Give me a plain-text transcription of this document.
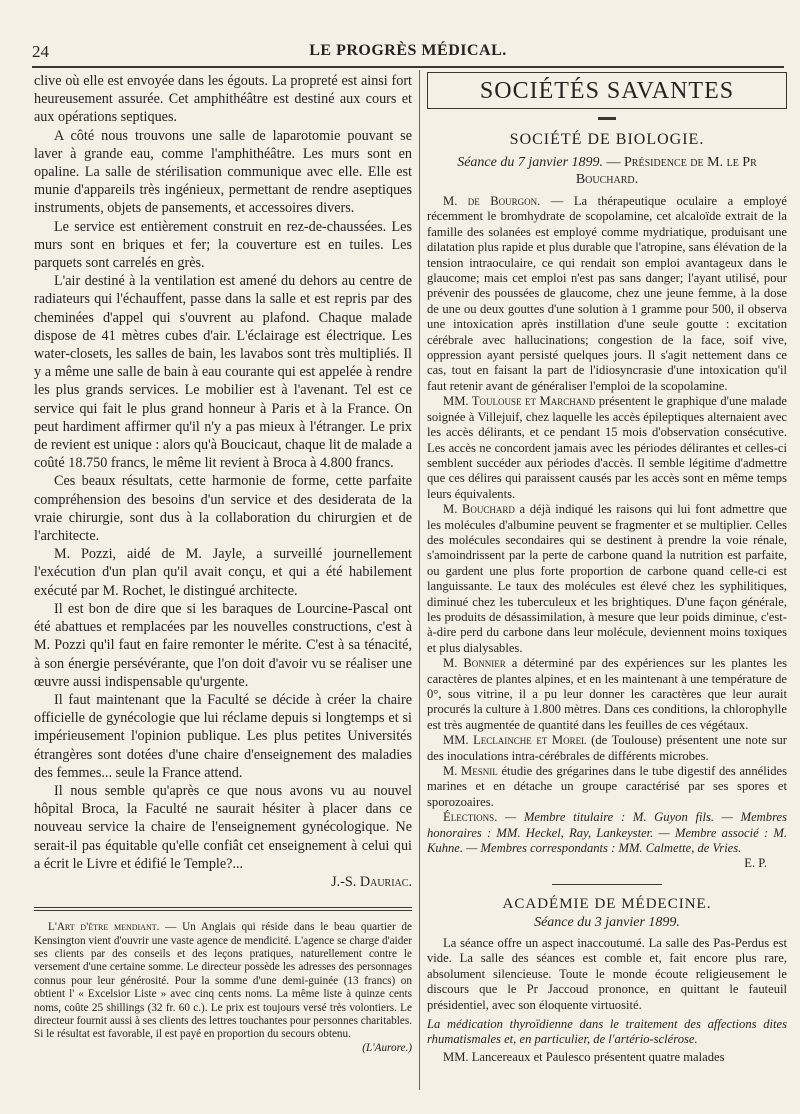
24	LE PROGRÈS MÉDICAL.

clive où elle est envoyée dans les égouts. La propreté est ainsi fort heureusement assurée. Cet amphithéâtre est destiné aux cours et aux opérations septiques.

A côté nous trouvons une salle de laparotomie pouvant se laver à grande eau, comme l'amphithéâtre. Les murs sont en opaline. La salle de stérilisation communique avec elle. Elle est munie d'appareils très ingénieux, permettant de rendre aseptiques instruments, objets de pansements, et accessoires divers.

Le service est entièrement construit en rez-de-chaussées. Les murs sont en briques et fer; la couverture est en tuiles. Les parquets sont carrelés en grès.

L'air destiné à la ventilation est amené du dehors au centre de radiateurs qui l'échauffent, passe dans la salle et est repris par des cheminées d'appel qui s'ouvrent au plafond. Chaque malade dispose de 41 mètres cubes d'air. L'éclairage est électrique. Les water-closets, les salles de bain, les lavabos sont très multipliés. Il y a même une salle de bain à eau courante qui est appelée à rendre les plus grands services. Le mobilier est à l'avenant. Tel est ce service qui fait le plus grand honneur à Paris et à la France. On peut hardiment affirmer qu'il n'y a pas mieux à l'étranger. Le prix de revient est unique : alors qu'à Boucicaut, chaque lit de malade a coûté 18.750 francs, le même lit revient à Broca à 4.800 francs.

Ces beaux résultats, cette harmonie de forme, cette parfaite compréhension des besoins d'un service et des desiderata de la vraie chirurgie, sont dus à la collaboration du chirurgien et de l'architecte.

M. Pozzi, aidé de M. Jayle, a surveillé journellement l'exécution d'un plan qu'il avait conçu, et qui a été habilement exécuté par M. Rochet, le distingué architecte.

Il est bon de dire que si les baraques de Lourcine-Pascal ont été abattues et remplacées par les nouvelles constructions, c'est à M. Pozzi qu'il faut en faire remonter le mérite. C'est à sa ténacité, à son énergie persévérante, que l'on doit d'avoir vu se réaliser une œuvre aussi indispensable qu'urgente.

Il faut maintenant que la Faculté se décide à créer la chaire officielle de gynécologie que lui réclame depuis si longtemps et si impérieusement l'opinion publique. Les plus petites Universités étrangères sont dotées d'une chaire d'enseignement des maladies des femmes... seule la France attend.

Il nous semble qu'après ce que nous avons vu au nouvel hôpital Broca, la Faculté ne saurait hésiter à placer dans ce nouveau service la chaire de l'enseignement gynécologique. Ne serait-il pas équitable qu'elle confiât cet enseignement à celui qui a écrit le Livre et édifié le Temple?...

J.-S. Dauriac.

L'Art d'être mendiant. — Un Anglais qui réside dans le beau quartier de Kensington vient d'ouvrir une vaste agence de mendicité. L'agence se charge d'aider ses clients par des conseils et des leçons pratiques, naturellement contre le versement d'une certaine somme. Le directeur possède les adresses des personnages connus pour leur générosité. Pour la somme d'une demi-guinée (13 francs) on obtient l' « Excelsior Liste » avec cinq cents noms. La même liste à quinze cents noms, coûte 25 shillings (32 fr. 60 c.). Le prix est toujours versé très volontiers. Le directeur fournit aussi à ses clients des lettres touchantes pour personnes charitables. Si le résultat est favorable, il est payé en proportion du secours obtenu.

(L'Aurore.)
SOCIÉTÉS SAVANTES
SOCIÉTÉ DE BIOLOGIE.
Séance du 7 janvier 1899. — Présidence de M. le Pr Bouchard.

M. de Bourgon. — La thérapeutique oculaire a employé récemment le bromhydrate de scopolamine, cet alcaloïde extrait de la famille des solanées est employé comme mydriatique, produisant une dilatation plus rapide et plus durable que l'atropine, sans élévation de la tension intraoculaire, ce qui rendait son emploi avantageux dans le glaucome; mais cet emploi n'est pas sans danger; l'ayant utilisé, pour prévenir des poussées de glaucome, chez une jeune femme, à la dose de une ou deux gouttes d'une solution à 1 gramme pour 500, il observa une intoxication après instillation d'une seule goutte : excitation cérébrale avec hallucinations; congestion de la face, soif vive, oppression ayant persisté quelques jours. Il s'agit nettement dans ce cas, tout en faisant la part de l'idiosyncrasie d'une intoxication qu'il faut retenir avant de généraliser l'emploi de la scopolamine.

MM. Toulouse et Marchand présentent le graphique d'une malade soignée à Villejuif, chez laquelle les accès épileptiques alternaient avec les accès délirants, et ce pendant 15 mois d'observation consécutive. Les accès ne concordent jamais avec les périodes délirantes et celles-ci semblent succéder aux périodes d'accès. Il semble légitime d'admettre que ces délires qui paraissent causés par les accès sont en même temps leurs équivalents.

M. Bouchard a déjà indiqué les raisons qui lui font admettre que les molécules d'albumine peuvent se fragmenter et se multiplier. Celles des molécules secondaires qui se destinent à prendre la voie rénale, s'amoindrissent par la perte de carbone quand la nutrition est parfaite, ou gardent une plus forte proportion de carbone quand celle-ci est languissante. Le taux des molécules est élevé chez les syphilitiques, diminué chez les tuberculeux et les brightiques. D'une façon générale, les produits de désassimilation, à mesure que leur poids diminue, c'est-à-dire perd du carbone dans leur molécule, deviennent moins toxiques et plus dialysables.

M. Bonnier a déterminé par des expériences sur les plantes les caractères de plantes alpines, et en les maintenant à une température de 0°, sous vitrine, il a pu leur donner les caractères que leur aurait procurés la culture à 1.800 mètres. Dans ces conditions, la chlorophylle est très augmentée de quantité dans les feuilles de ces végétaux.

MM. Leclainche et Morel (de Toulouse) présentent une note sur des inoculations intra-cérébrales de différents microbes.

M. Mesnil étudie des grégarines dans le tube digestif des annélides marines et en détache un groupe caractérisé par ses spores et sporozoaires.

Élections. — Membre titulaire : M. Guyon fils. — Membres honoraires : MM. Heckel, Ray, Lankeyster. — Membre associé : M. Kuhne. — Membres correspondants : MM. Calmette, de Vries.

E. P.

ACADÉMIE DE MÉDECINE.
Séance du 3 janvier 1899.

La séance offre un aspect inaccoutumé. La salle des Pas-Perdus est vide. La salle des séances est comble et, fait encore plus rare, absolument silencieuse. Toute le monde écoute religieusement le discours que le Pr Jaccoud prononce, en quittant le fauteuil présidentiel, avec son éloquente virtuosité.

La médication thyroïdienne dans le traitement des affections dites rhumatismales et, en particulier, de l'artério-sclérose.

MM. Lancereaux et Paulesco présentent quatre malades
